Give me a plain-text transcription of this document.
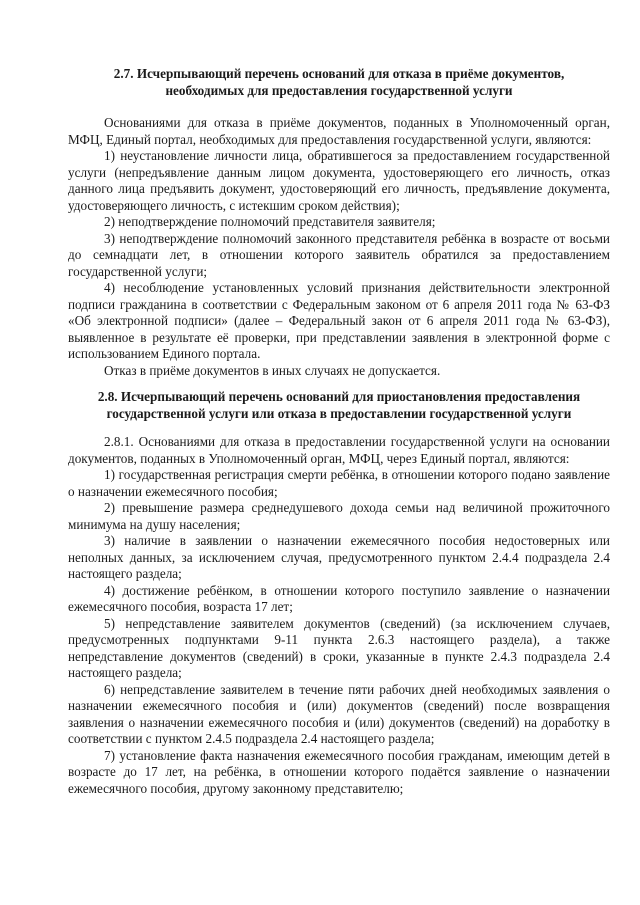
2.7. Исчерпывающий перечень оснований для отказа в приёме документов,
необходимых для предоставления государственной услуги

Основаниями для отказа в приёме документов, поданных в Уполномоченный орган, МФЦ, Единый портал, необходимых для предоставления государственной услуги, являются:

1) неустановление личности лица, обратившегося за предоставлением государственной услуги (непредъявление данным лицом документа, удостоверяющего его личность, отказ данного лица предъявить документ, удостоверяющий его личность, предъявление документа, удостоверяющего личность, с истекшим сроком действия);

2) неподтверждение полномочий представителя заявителя;

3) неподтверждение полномочий законного представителя ребёнка в возрасте от восьми до семнадцати лет, в отношении которого заявитель обратился за предоставлением государственной услуги;

4) несоблюдение установленных условий признания действительности электронной подписи гражданина в соответствии с Федеральным законом от 6 апреля 2011 года № 63-ФЗ «Об электронной подписи» (далее – Федеральный закон от 6 апреля 2011 года № 63-ФЗ), выявленное в результате её проверки, при представлении заявления в электронной форме с использованием Единого портала.

Отказ в приёме документов в иных случаях не допускается.

2.8. Исчерпывающий перечень оснований для приостановления предоставления
государственной услуги или отказа в предоставлении государственной услуги

2.8.1. Основаниями для отказа в предоставлении государственной услуги на основании документов, поданных в Уполномоченный орган, МФЦ, через Единый портал, являются:

1) государственная регистрация смерти ребёнка, в отношении которого подано заявление о назначении ежемесячного пособия;

2) превышение размера среднедушевого дохода семьи над величиной прожиточного минимума на душу населения;

3) наличие в заявлении о назначении ежемесячного пособия недостоверных или неполных данных, за исключением случая, предусмотренного пунктом 2.4.4 подраздела 2.4 настоящего раздела;

4) достижение ребёнком, в отношении которого поступило заявление о назначении ежемесячного пособия, возраста 17 лет;

5) непредставление заявителем документов (сведений) (за исключением случаев, предусмотренных подпунктами 9-11 пункта 2.6.3 настоящего раздела), а также непредставление документов (сведений) в сроки, указанные в пункте 2.4.3 подраздела 2.4 настоящего раздела;

6) непредставление заявителем в течение пяти рабочих дней необходимых заявления о назначении ежемесячного пособия и (или) документов (сведений) после возвращения заявления о назначении ежемесячного пособия и (или) документов (сведений) на доработку в соответствии с пунктом 2.4.5 подраздела 2.4 настоящего раздела;

7) установление факта назначения ежемесячного пособия гражданам, имеющим детей в возрасте до 17 лет, на ребёнка, в отношении которого подаётся заявление о назначении ежемесячного пособия, другому законному представителю;
